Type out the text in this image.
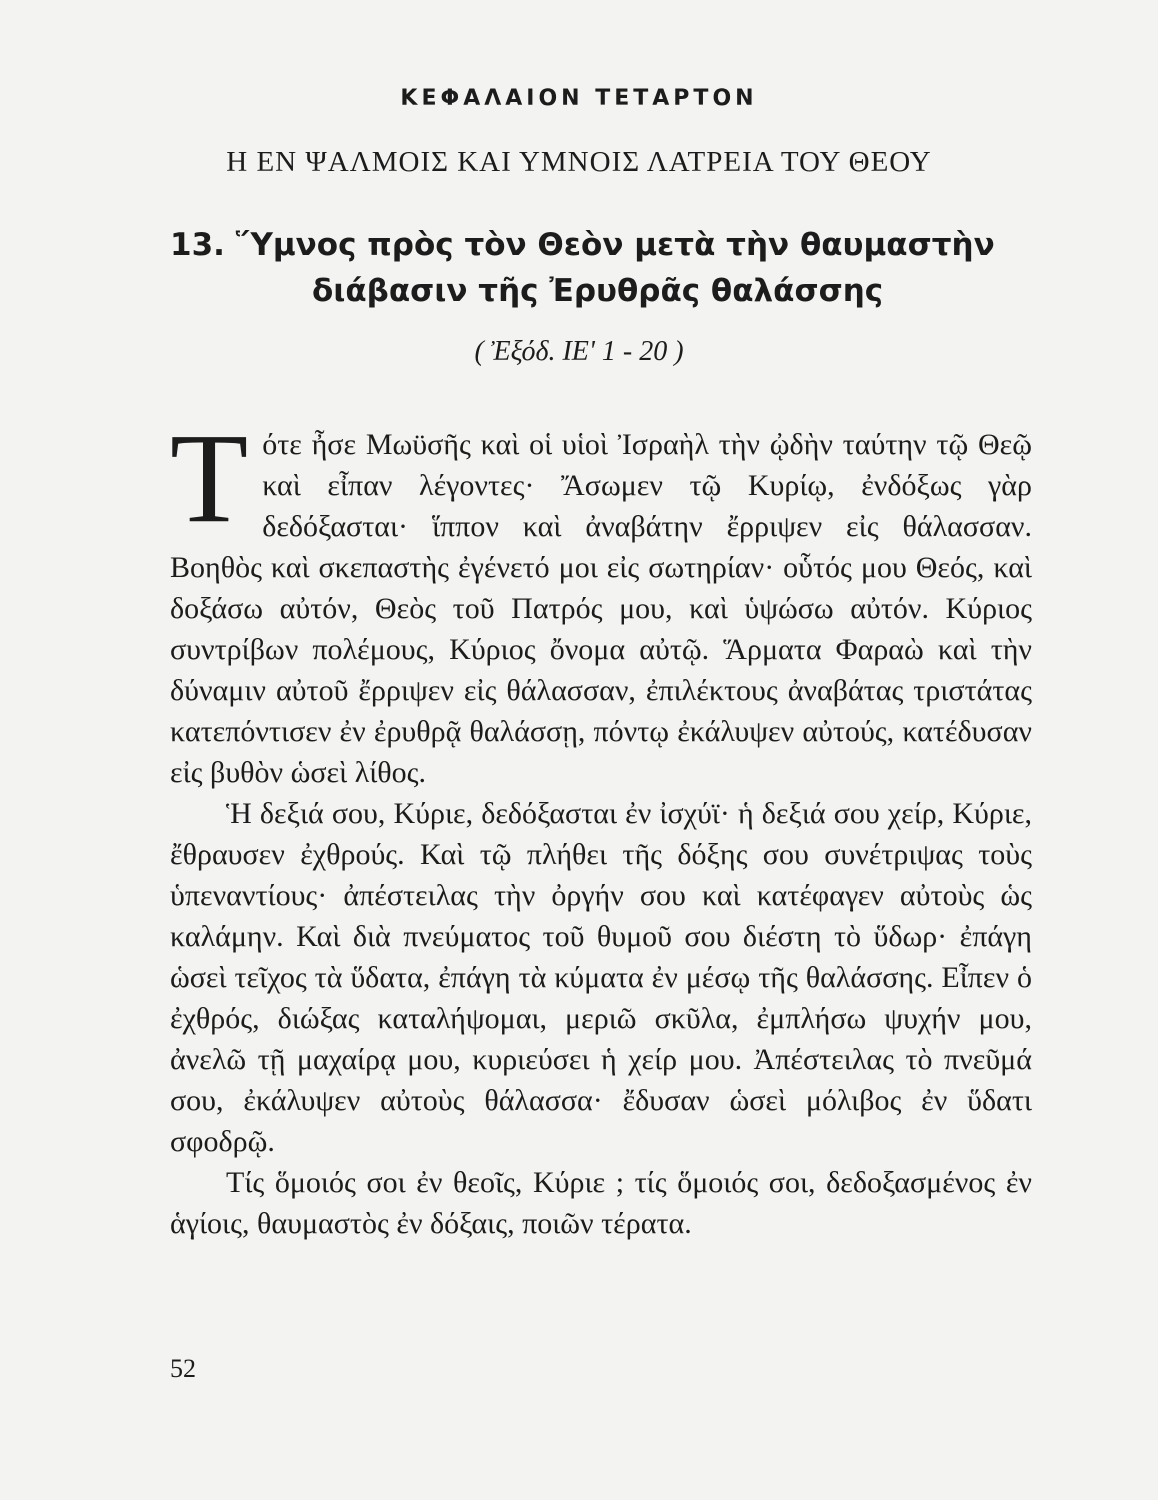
ΚΕΦΑΛΑΙΟΝ ΤΕΤΑΡΤΟΝ
Η ΕΝ ΨΑΛΜΟΙΣ ΚΑΙ ΥΜΝΟΙΣ ΛΑΤΡΕΙΑ ΤΟΥ ΘΕΟΥ
13. Ὕμνος πρὸς τὸν Θεὸν μετὰ τὴν θαυμαστὴν
διάβασιν τῆς Ἐρυθρᾶς θαλάσσης
( Ἐξόδ. ΙΕ' 1 - 20 )

Τότε ἦσε Μωϋσῆς καὶ οἱ υἱοὶ Ἰσραὴλ τὴν ᾠδὴν ταύτην τῷ Θεῷ καὶ εἶπαν λέγοντες· Ἄσωμεν τῷ Κυρίῳ, ἐνδόξως γὰρ δεδόξασται· ἵππον καὶ ἀναβάτην ἔρριψεν εἰς θάλασσαν. Βοηθὸς καὶ σκεπαστὴς ἐγένετό μοι εἰς σωτηρίαν· οὗτός μου Θεός, καὶ δοξάσω αὐτόν, Θεὸς τοῦ Πατρός μου, καὶ ὑψώσω αὐτόν. Κύριος συντρίβων πολέμους, Κύριος ὄνομα αὐτῷ. Ἅρματα Φαραὼ καὶ τὴν δύναμιν αὐτοῦ ἔρριψεν εἰς θάλασσαν, ἐπιλέκτους ἀναβάτας τριστάτας κατεπόντισεν ἐν ἐρυθρᾷ θαλάσσῃ, πόντῳ ἐκάλυψεν αὐτούς, κατέδυσαν εἰς βυθὸν ὡσεὶ λίθος.

Ἡ δεξιά σου, Κύριε, δεδόξασται ἐν ἰσχύϊ· ἡ δεξιά σου χείρ, Κύριε, ἔθραυσεν ἐχθρούς. Καὶ τῷ πλήθει τῆς δόξης σου συνέτριψας τοὺς ὑπεναντίους· ἀπέστειλας τὴν ὀργήν σου καὶ κατέφαγεν αὐτοὺς ὡς καλάμην. Καὶ διὰ πνεύματος τοῦ θυμοῦ σου διέστη τὸ ὕδωρ· ἐπάγη ὡσεὶ τεῖχος τὰ ὕδατα, ἐπάγη τὰ κύματα ἐν μέσῳ τῆς θαλάσσης. Εἶπεν ὁ ἐχθρός, διώξας καταλήψομαι, μεριῶ σκῦλα, ἐμπλήσω ψυχήν μου, ἀνελῶ τῇ μαχαίρᾳ μου, κυριεύσει ἡ χείρ μου. Ἀπέστειλας τὸ πνεῦμά σου, ἐκάλυψεν αὐτοὺς θάλασσα· ἔδυσαν ὡσεὶ μόλιβος ἐν ὕδατι σφοδρῷ.

Τίς ὅμοιός σοι ἐν θεοῖς, Κύριε ; τίς ὅμοιός σοι, δεδοξασμένος ἐν ἁγίοις, θαυμαστὸς ἐν δόξαις, ποιῶν τέρατα.

52
